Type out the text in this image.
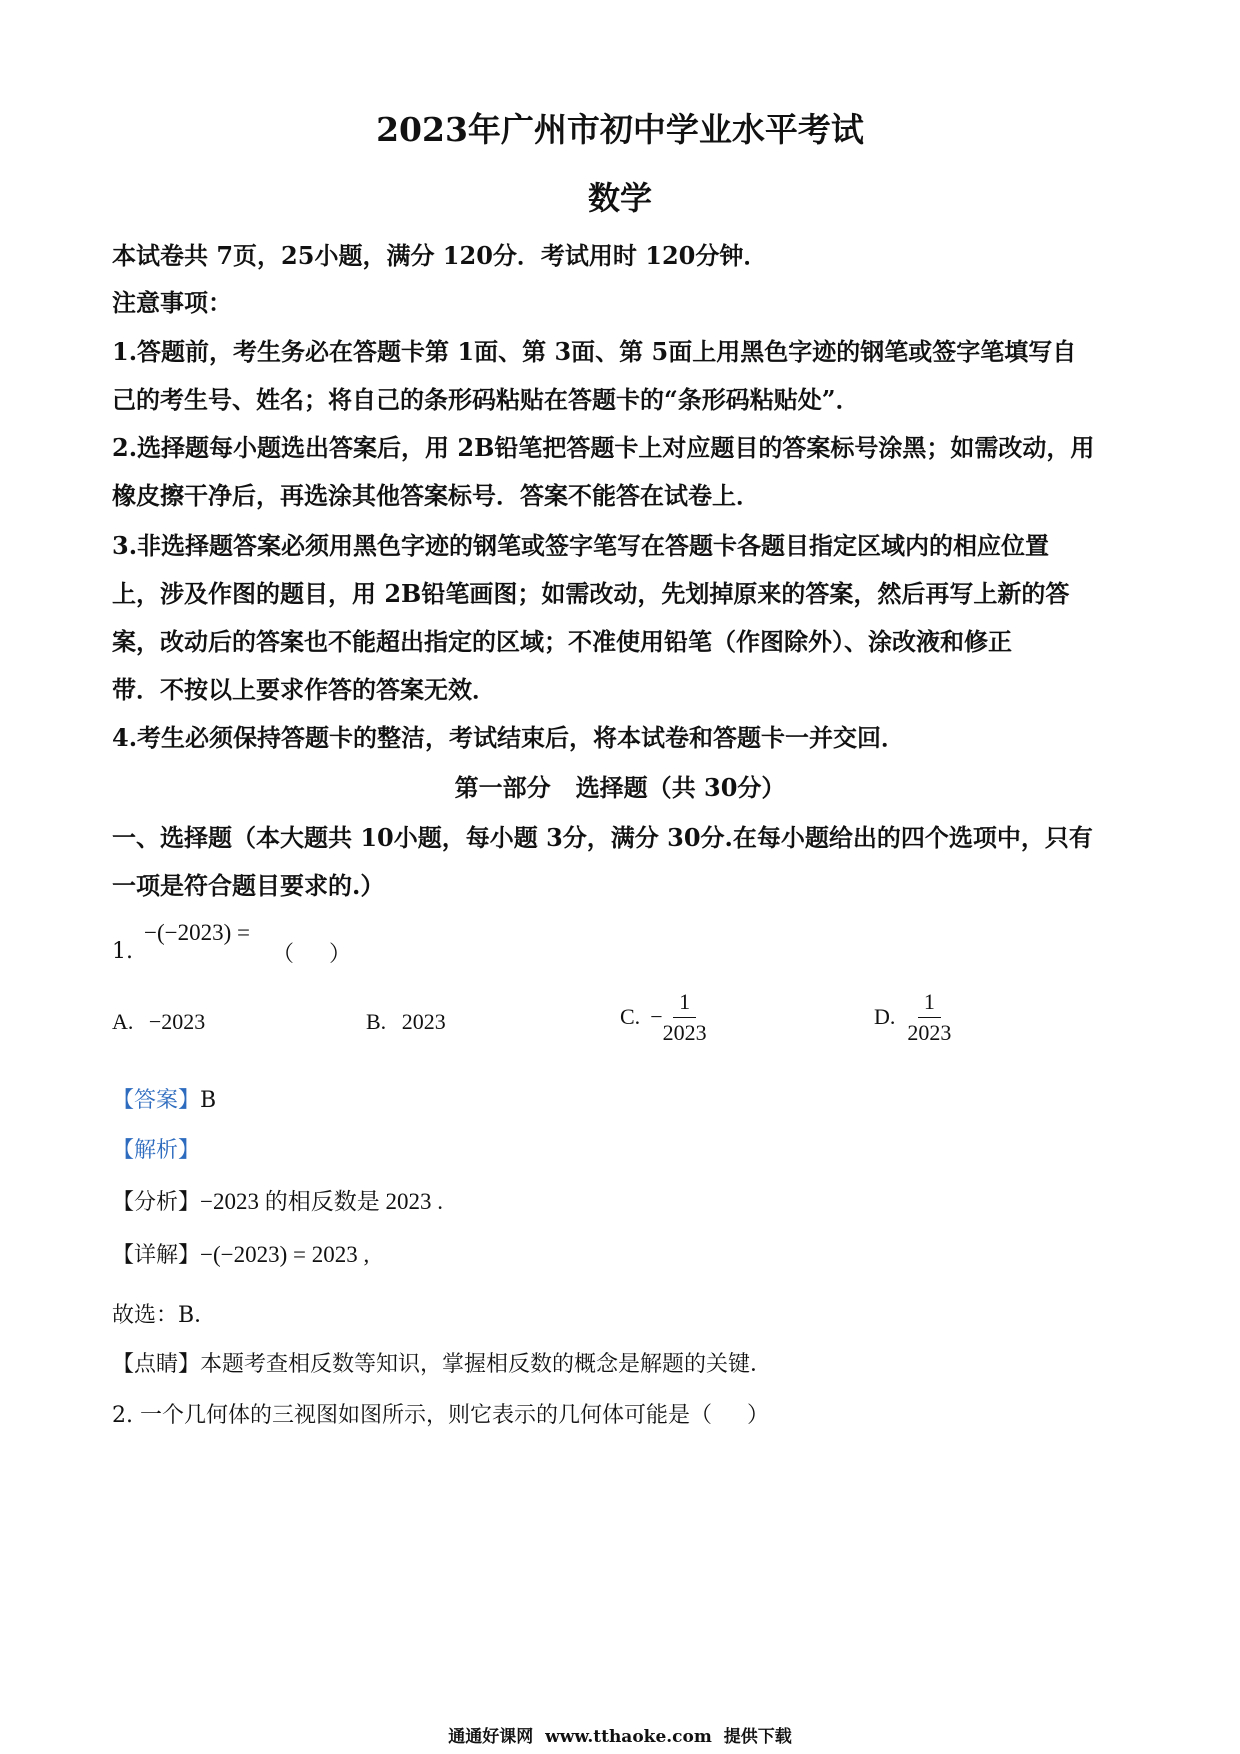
2023年广州市初中学业水平考试
数学
本试卷共 7页，25小题，满分 120分．考试用时 120分钟．
注意事项：
1.答题前，考生务必在答题卡第 1面、第 3面、第 5面上用黑色字迹的钢笔或签字笔填写自
己的考生号、姓名；将自己的条形码粘贴在答题卡的“条形码粘贴处”．
2.选择题每小题选出答案后，用 2B铅笔把答题卡上对应题目的答案标号涂黑；如需改动，用
橡皮擦干净后，再选涂其他答案标号．答案不能答在试卷上．
3.非选择题答案必须用黑色字迹的钢笔或签字笔写在答题卡各题目指定区域内的相应位置
上，涉及作图的题目，用 2B铅笔画图；如需改动，先划掉原来的答案，然后再写上新的答
案，改动后的答案也不能超出指定的区域；不准使用铅笔（作图除外）、涂改液和修正
带．不按以上要求作答的答案无效．
4.考生必须保持答题卡的整洁，考试结束后，将本试卷和答题卡一并交回．
第一部分   选择题（共 30分）
一、选择题（本大题共 10小题，每小题 3分，满分 30分.在每小题给出的四个选项中，只有
一项是符合题目要求的.）
1.
−(−2023) =
（     ）
A. −2023	B. 2023	C. − $\frac{1}{2023}$	D. $\frac{1}{2023}$
【答案】B
【解析】
【分析】−2023 的相反数是 2023 .
【详解】−(−2023) = 2023 ,
故选：B．
【点睛】本题考查相反数等知识，掌握相反数的概念是解题的关键．
2. 一个几何体的三视图如图所示，则它表示的几何体可能是（     ）
通通好课网  www.tthaoke.com  提供下载
